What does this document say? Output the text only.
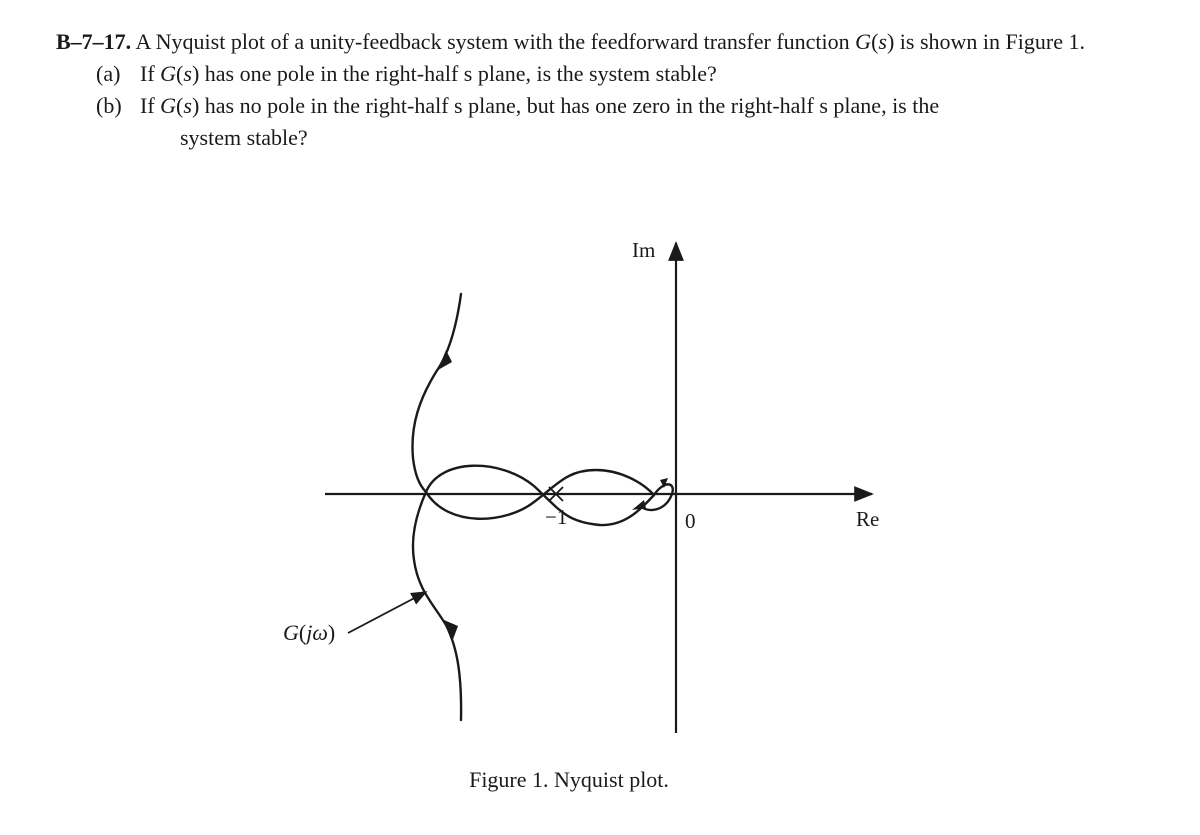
B–7–17. A Nyquist plot of a unity-feedback system with the feedforward transfer function G(s) is shown in Figure 1.

(a) If G(s) has one pole in the right-half s plane, is the system stable?

(b) If G(s) has no pole in the right-half s plane, but has one zero in the right-half s plane, is the

system stable?

Im
Re
0
−1
G(jω)
Figure 1. Nyquist plot.
